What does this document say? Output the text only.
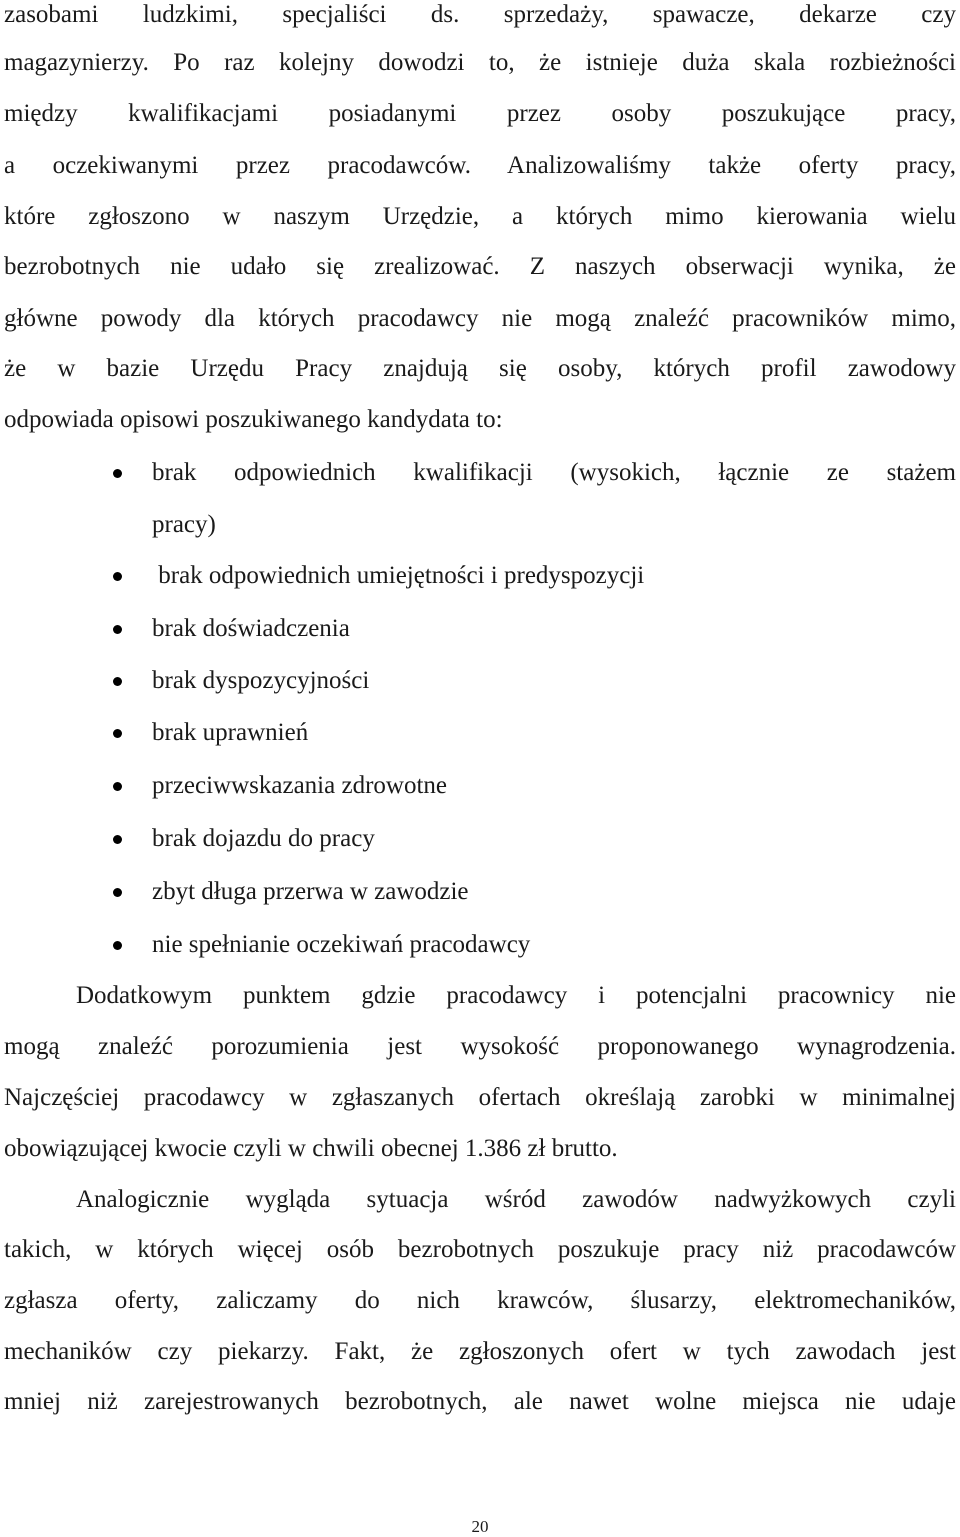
zasobami ludzkimi, specjaliści ds. sprzedaży, spawacze, dekarze czy
magazynierzy. Po raz kolejny dowodzi to, że istnieje duża skala rozbieżności
między kwalifikacjami posiadanymi przez osoby poszukujące pracy,
a oczekiwanymi przez pracodawców. Analizowaliśmy także oferty pracy,
które zgłoszono w naszym Urzędzie, a których mimo kierowania wielu
bezrobotnych nie udało się zrealizować. Z naszych obserwacji wynika, że
główne powody dla których pracodawcy nie mogą znaleźć pracowników mimo,
że w bazie Urzędu Pracy znajdują się osoby, których profil zawodowy
odpowiada opisowi poszukiwanego kandydata to:
brak odpowiednich kwalifikacji (wysokich, łącznie ze stażem
pracy)
brak odpowiednich umiejętności i predyspozycji
brak doświadczenia
brak dyspozycyjności
brak uprawnień
przeciwwskazania zdrowotne
brak dojazdu do pracy
zbyt długa przerwa w zawodzie
nie spełnianie oczekiwań pracodawcy
Dodatkowym punktem gdzie pracodawcy i potencjalni pracownicy nie
mogą znaleźć porozumienia jest wysokość proponowanego wynagrodzenia.
Najczęściej pracodawcy w zgłaszanych ofertach określają zarobki w minimalnej
obowiązującej kwocie czyli w chwili obecnej 1.386 zł brutto.
Analogicznie wygląda sytuacja wśród zawodów nadwyżkowych czyli
takich, w których więcej osób bezrobotnych poszukuje pracy niż pracodawców
zgłasza oferty, zaliczamy do nich krawców, ślusarzy, elektromechaników,
mechaników czy piekarzy. Fakt, że zgłoszonych ofert w tych zawodach jest
mniej niż zarejestrowanych bezrobotnych, ale nawet wolne miejsca nie udaje
20
